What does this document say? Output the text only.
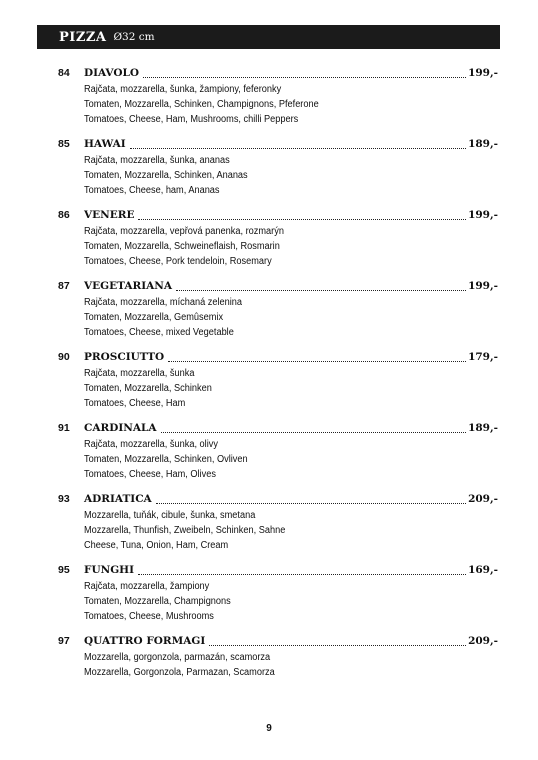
PIZZA Ø32 cm
84	DIAVOLO	199,-
Rajčata, mozzarella, šunka, žampiony, feferonky
Tomaten, Mozzarella, Schinken, Champignons, Pfeferone
Tomatoes, Cheese, Ham, Mushrooms, chilli Peppers
85	HAWAI	189,-
Rajčata, mozzarella, šunka, ananas
Tomaten, Mozzarella, Schinken, Ananas
Tomatoes, Cheese, ham, Ananas
86	VENERE	199,-
Rajčata, mozzarella, vepřová panenka, rozmarýn
Tomaten, Mozzarella, Schweineflaish, Rosmarin
Tomatoes, Cheese, Pork tendeloin, Rosemary
87	VEGETARIANA	199,-
Rajčata, mozzarella, míchaná zelenina
Tomaten, Mozzarella, Gemûsemix
Tomatoes, Cheese, mixed Vegetable
90	PROSCIUTTO	179,-
Rajčata, mozzarella, šunka
Tomaten, Mozzarella, Schinken
Tomatoes, Cheese, Ham
91	CARDINALA	189,-
Rajčata, mozzarella, šunka, olivy
Tomaten, Mozzarella, Schinken, Ovliven
Tomatoes, Cheese, Ham, Olives
93	ADRIATICA	209,-
Mozzarella, tuňák, cibule, šunka, smetana
Mozzarella, Thunfish, Zweibeln, Schinken, Sahne
Cheese, Tuna, Onion, Ham, Cream
95	FUNGHI	169,-
Rajčata, mozzarella, žampiony
Tomaten, Mozzarella, Champignons
Tomatoes, Cheese, Mushrooms
97	QUATTRO FORMAGI	209,-
Mozzarella, gorgonzola, parmazán, scamorza
Mozzarella, Gorgonzola, Parmazan, Scamorza
9
